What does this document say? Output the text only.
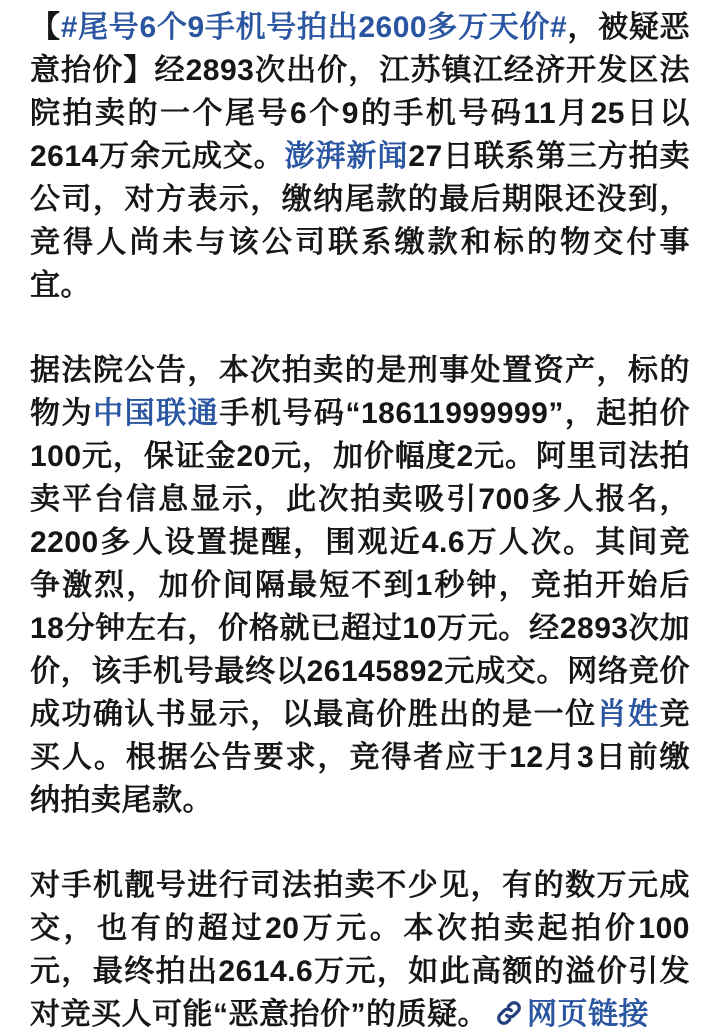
【#尾号6个9手机号拍出2600多万天价#，被疑恶意抬价】经2893次出价，江苏镇江经济开发区法院拍卖的一个尾号6个9的手机号码11月25日以2614万余元成交。澎湃新闻27日联系第三方拍卖公司，对方表示，缴纳尾款的最后期限还没到，竞得人尚未与该公司联系缴款和标的物交付事宜。

据法院公告，本次拍卖的是刑事处置资产，标的物为中国联通手机号码“18611999999”，起拍价100元，保证金20元，加价幅度2元。阿里司法拍卖平台信息显示，此次拍卖吸引700多人报名，2200多人设置提醒，围观近4.6万人次。其间竞争激烈，加价间隔最短不到1秒钟，竞拍开始后18分钟左右，价格就已超过10万元。经2893次加价，该手机号最终以26145892元成交。网络竞价成功确认书显示，以最高价胜出的是一位肖姓竞买人。根据公告要求，竞得者应于12月3日前缴纳拍卖尾款。

对手机靓号进行司法拍卖不少见，有的数万元成交，也有的超过20万元。本次拍卖起拍价100元，最终拍出2614.6万元，如此高额的溢价引发对竞买人可能“恶意抬价”的质疑。 网页链接
